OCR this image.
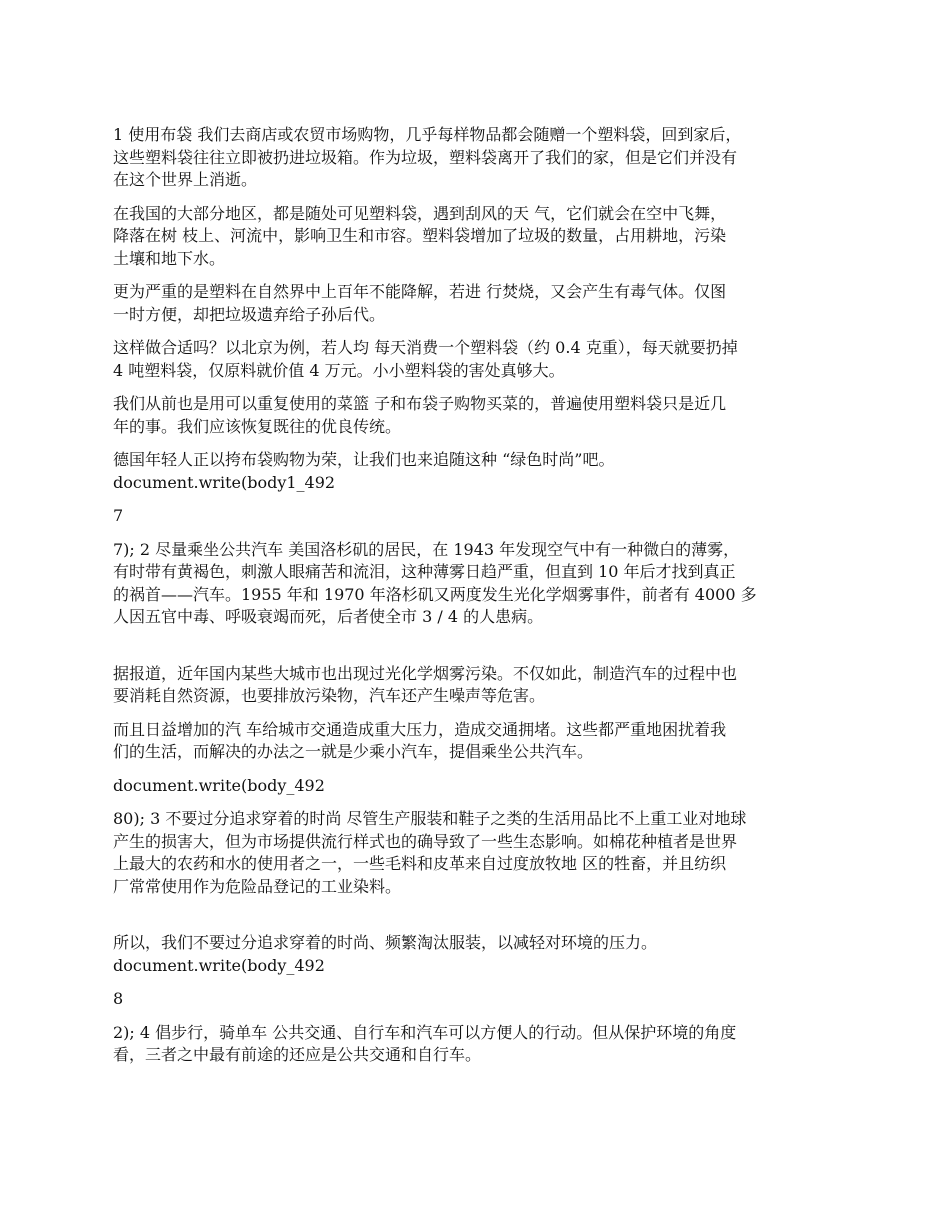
1 使用布袋 我们去商店或农贸市场购物，几乎每样物品都会随赠一个塑料袋，回到家后，
这些塑料袋往往立即被扔进垃圾箱。作为垃圾，塑料袋离开了我们的家，但是它们并没有
在这个世界上消逝。

在我国的大部分地区，都是随处可见塑料袋，遇到刮风的天 气，它们就会在空中飞舞，
降落在树 枝上、河流中，影响卫生和市容。塑料袋增加了垃圾的数量，占用耕地，污染
土壤和地下水。

更为严重的是塑料在自然界中上百年不能降解，若进 行焚烧，又会产生有毒气体。仅图
一时方便，却把垃圾遗弃给子孙后代。

这样做合适吗？以北京为例，若人均 每天消费一个塑料袋（约 0.4 克重），每天就要扔掉
4 吨塑料袋，仅原料就价值 4 万元。小小塑料袋的害处真够大。

我们从前也是用可以重复使用的菜篮 子和布袋子购物买菜的，普遍使用塑料袋只是近几
年的事。我们应该恢复既往的优良传统。

德国年轻人正以挎布袋购物为荣，让我们也来追随这种 “绿色时尚”吧。
document.write(body1_492

7

7); 2 尽量乘坐公共汽车 美国洛杉矶的居民，在 1943 年发现空气中有一种微白的薄雾，
有时带有黄褐色，刺激人眼痛苦和流泪，这种薄雾日趋严重，但直到 10 年后才找到真正
的祸首——汽车。1955 年和 1970 年洛杉矶又两度发生光化学烟雾事件，前者有 4000 多
人因五官中毒、呼吸衰竭而死，后者使全市 3 / 4 的人患病。

据报道，近年国内某些大城市也出现过光化学烟雾污染。不仅如此，制造汽车的过程中也
要消耗自然资源，也要排放污染物，汽车还产生噪声等危害。

而且日益增加的汽 车给城市交通造成重大压力，造成交通拥堵。这些都严重地困扰着我
们的生活，而解决的办法之一就是少乘小汽车，提倡乘坐公共汽车。

document.write(body_492

80); 3 不要过分追求穿着的时尚 尽管生产服装和鞋子之类的生活用品比不上重工业对地球
产生的损害大，但为市场提供流行样式也的确导致了一些生态影响。如棉花种植者是世界
上最大的农药和水的使用者之一，一些毛料和皮革来自过度放牧地 区的牲畜，并且纺织
厂常常使用作为危险品登记的工业染料。

所以，我们不要过分追求穿着的时尚、频繁淘汰服装，以减轻对环境的压力。
document.write(body_492

8

2); 4 倡步行，骑单车 公共交通、自行车和汽车可以方便人的行动。但从保护环境的角度
看，三者之中最有前途的还应是公共交通和自行车。
